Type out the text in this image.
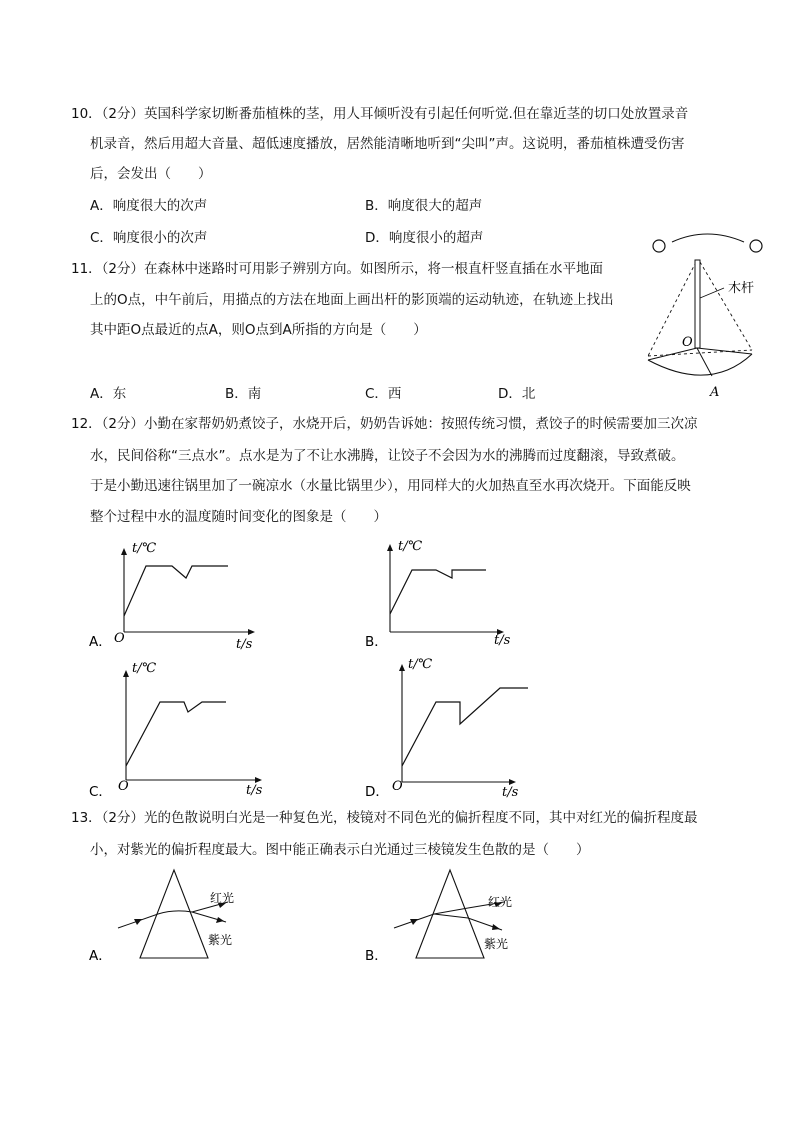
10．（2分）英国科学家切断番茄植株的茎，用人耳倾听没有引起任何听觉.但在靠近茎的切口处放置录音
机录音，然后用超大音量、超低速度播放，居然能清晰地听到“尖叫”声。这说明，番茄植株遭受伤害
后，会发出（　　）
A．响度很大的次声	B．响度很大的超声
C．响度很小的次声	D．响度很小的超声
11．（2分）在森林中迷路时可用影子辨别方向。如图所示，将一根直杆竖直插在水平地面
上的O点，中午前后，用描点的方法在地面上画出杆的影顶端的运动轨迹，在轨迹上找出
其中距O点最近的点A，则O点到A所指的方向是（　　）
A．东	B．南	C．西	D．北
木杆
O
A
12．（2分）小勤在家帮奶奶煮饺子，水烧开后，奶奶告诉她：按照传统习惯，煮饺子的时候需要加三次凉
水，民间俗称“三点水”。点水是为了不让水沸腾，让饺子不会因为水的沸腾而过度翻滚，导致煮破。
于是小勤迅速往锅里加了一碗凉水（水量比锅里少），用同样大的火加热直至水再次烧开。下面能反映
整个过程中水的温度随时间变化的图象是（　　）
A．
t/℃
t/s
O	B．
t/℃
t/s
C．
t/℃
t/s
O	D．
t/℃
t/s
O
13．（2分）光的色散说明白光是一种复色光，棱镜对不同色光的偏折程度不同，其中对红光的偏折程度最
小，对紫光的偏折程度最大。图中能正确表示白光通过三棱镜发生色散的是（　　）
A．
红光
紫光
B．
红光
紫光
